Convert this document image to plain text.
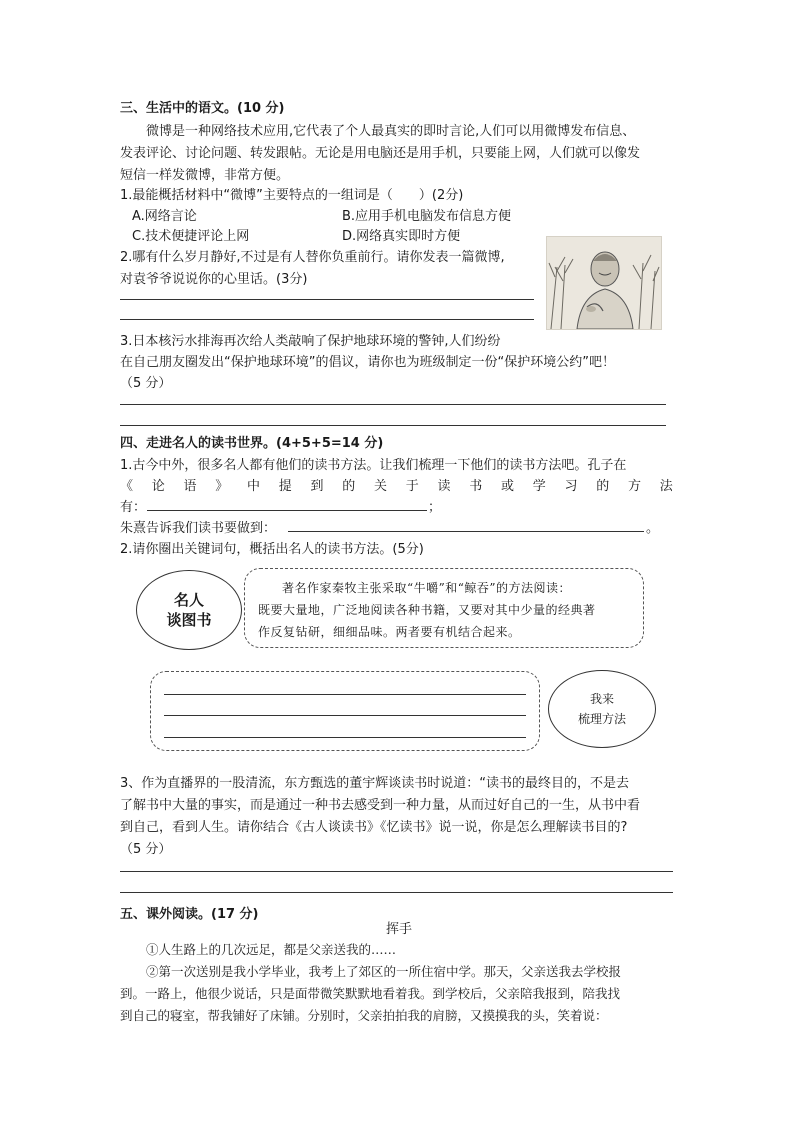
三、生活中的语文。(10 分)
微博是一种网络技术应用,它代表了个人最真实的即时言论,人们可以用微博发布信息、
发表评论、讨论问题、转发跟帖。无论是用电脑还是用手机，只要能上网，人们就可以像发
短信一样发微博，非常方便。
1.最能概括材料中“微博”主要特点的一组词是（　　）(2分)
A.网络言论	B.应用手机电脑发布信息方便
C.技术便捷评论上网	D.网络真实即时方便
2.哪有什么岁月静好,不过是有人替你负重前行。请你发表一篇微博,
对袁爷爷说说你的心里话。(3分)
3.日本核污水排海再次给人类敲响了保护地球环境的警钟,人们纷纷
在自己朋友圈发出“保护地球环境”的倡议，请你也为班级制定一份“保护环境公约”吧！
（5 分）
四、走进名人的读书世界。(4+5+5=14 分)
1.古今中外，很多名人都有他们的读书方法。让我们梳理一下他们的读书方法吧。孔子在
《 论 语 》 中 提 到 的 关 于 读 书 或 学 习 的 方 法
有：	；
朱熹告诉我们读书要做到：	。
2.请你圈出关键词句，概括出名人的读书方法。(5分)
名人
谈图书
著名作家秦牧主张采取“牛嚼”和“鲸吞”的方法阅读：
既要大量地，广泛地阅读各种书籍，又要对其中少量的经典著
作反复钻研，细细品味。两者要有机结合起来。
我来
梳理方法
3、作为直播界的一股清流，东方甄选的董宇辉谈读书时说道：“读书的最终目的，不是去
了解书中大量的事实，而是通过一种书去感受到一种力量，从而过好自己的一生，从书中看
到自己，看到人生。请你结合《古人谈读书》《忆读书》说一说，你是怎么理解读书目的?
（5 分）
五、课外阅读。(17 分)
挥手
①人生路上的几次远足，都是父亲送我的……
②第一次送别是我小学毕业，我考上了郊区的一所住宿中学。那天，父亲送我去学校报
到。一路上，他很少说话，只是面带微笑默默地看着我。到学校后，父亲陪我报到，陪我找
到自己的寝室，帮我铺好了床铺。分别时，父亲拍拍我的肩膀，又摸摸我的头，笑着说：
